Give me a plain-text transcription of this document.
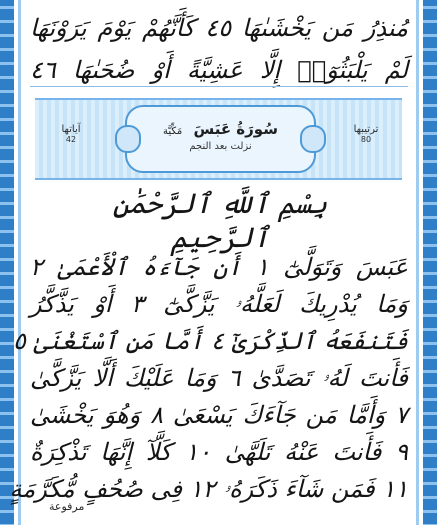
مُنذِرُ مَن يَخْشَىٰهَا ٤٥ كَأَنَّهُمْ يَوْمَ يَرَوْنَهَا
لَمْ يَلْبَثُوٓا۟ إِلَّا عَشِيَّةً أَوْ ضُحَىٰهَا ٤٦
ترتيبها
80
سُورَةُ عَبَسَ مَكِّيَّة
نزلت بعد النجم
آياتها
42
بِسْمِ ٱللَّهِ ٱلرَّحْمَٰنِ ٱلرَّحِيمِ
عَبَسَ وَتَوَلَّىٰٓ ١ أَن جَآءَهُ ٱلْأَعْمَىٰ ٢
وَمَا يُدْرِيكَ لَعَلَّهُۥ يَزَّكَّىٰٓ ٣ أَوْ يَذَّكَّرُ
فَتَنفَعَهُ ٱلذِّكْرَىٰٓ ٤ أَمَّا مَنِ ٱسْتَغْنَىٰ ٥
فَأَنتَ لَهُۥ تَصَدَّىٰ ٦ وَمَا عَلَيْكَ أَلَّا يَزَّكَّىٰ
٧ وَأَمَّا مَن جَآءَكَ يَسْعَىٰ ٨ وَهُوَ يَخْشَىٰ
٩ فَأَنتَ عَنْهُ تَلَهَّىٰ ١٠ كَلَّآ إِنَّهَا تَذْكِرَةٌ
١١ فَمَن شَآءَ ذَكَرَهُۥ ١٢ فِى صُحُفٍ مُّكَرَّمَةٍ
مرفوعة
